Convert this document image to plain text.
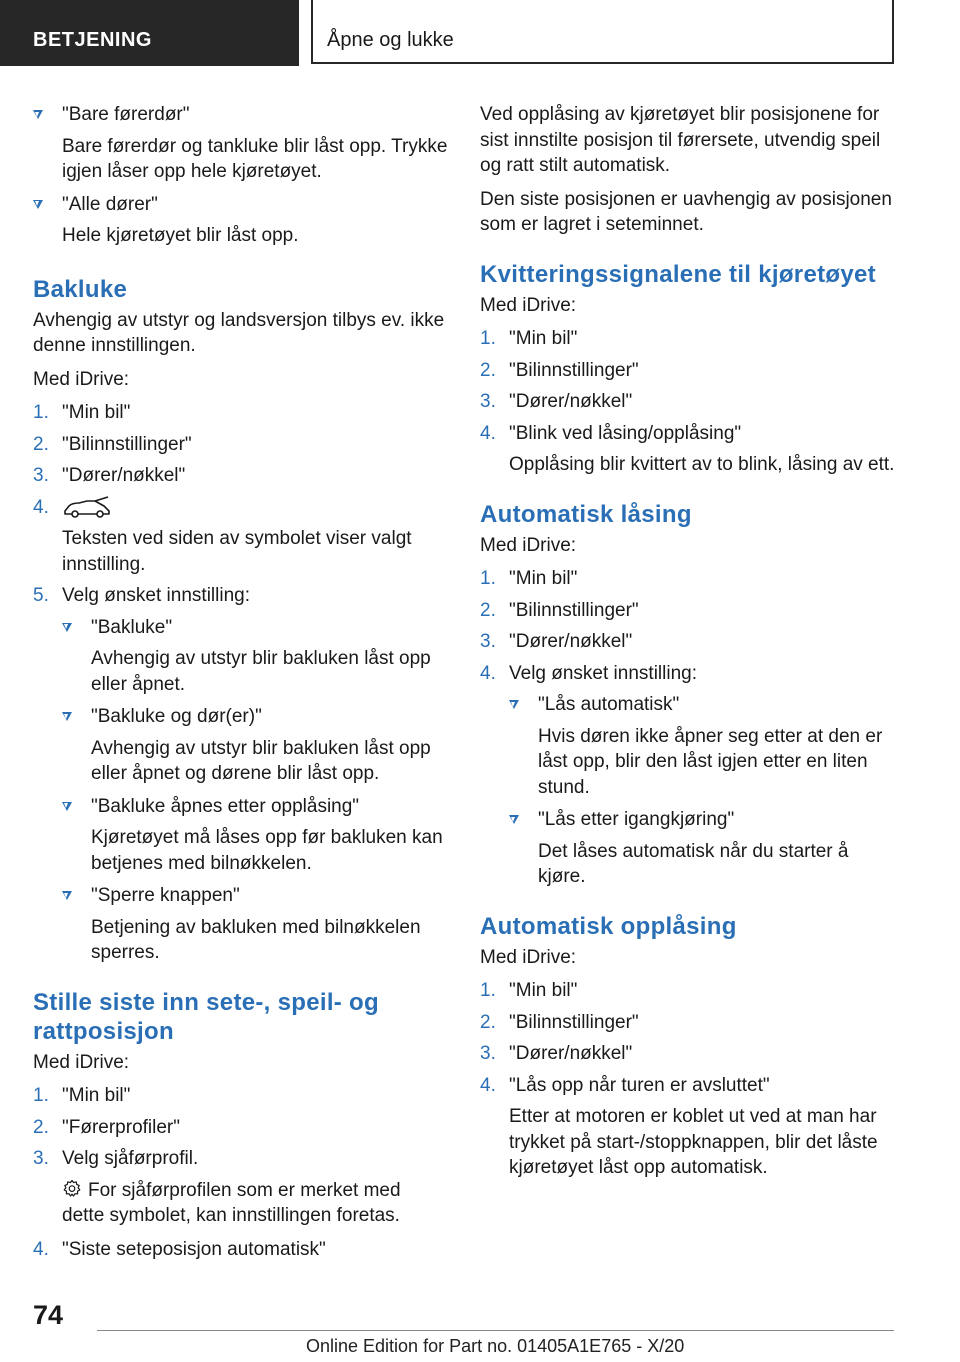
BETJENING	Åpne og lukke
"Bare førerdør"
Bare førerdør og tankluke blir låst opp. Trykke igjen låser opp hele kjøretøyet.
"Alle dører"
Hele kjøretøyet blir låst opp.
Bakluke

Avhengig av utstyr og landsversjon tilbys ev. ikke denne innstillingen.

Med iDrive:

1. "Min bil"
2. "Bilinnstillinger"
3. "Dører/nøkkel"
4.
Teksten ved siden av symbolet viser valgt innstilling.
5. Velg ønsket innstilling:
"Bakluke"
Avhengig av utstyr blir bakluken låst opp eller åpnet.
"Bakluke og dør(er)"
Avhengig av utstyr blir bakluken låst opp eller åpnet og dørene blir låst opp.
"Bakluke åpnes etter opplåsing"
Kjøretøyet må låses opp før bakluken kan betjenes med bilnøkkelen.
"Sperre knappen"
Betjening av bakluken med bilnøkkelen sperres.
Stille siste inn sete-, speil- og rattposisjon

Med iDrive:

1. "Min bil"
2. "Førerprofiler"
3. Velg sjåførprofil.
For sjåførprofilen som er merket med dette symbolet, kan innstillingen foretas.
4. "Siste seteposisjon automatisk"

Ved opplåsing av kjøretøyet blir posisjonene for sist innstilte posisjon til førersete, utvendig speil og ratt stilt automatisk.

Den siste posisjonen er uavhengig av posisjonen som er lagret i seteminnet.

Kvitteringssignalene til kjøretøyet

Med iDrive:

1. "Min bil"
2. "Bilinnstillinger"
3. "Dører/nøkkel"
4. "Blink ved låsing/opplåsing"
Opplåsing blir kvittert av to blink, låsing av ett.
Automatisk låsing

Med iDrive:

1. "Min bil"
2. "Bilinnstillinger"
3. "Dører/nøkkel"
4. Velg ønsket innstilling:
"Lås automatisk"
Hvis døren ikke åpner seg etter at den er låst opp, blir den låst igjen etter en liten stund.
"Lås etter igangkjøring"
Det låses automatisk når du starter å kjøre.
Automatisk opplåsing

Med iDrive:

1. "Min bil"
2. "Bilinnstillinger"
3. "Dører/nøkkel"
4. "Lås opp når turen er avsluttet"
Etter at motoren er koblet ut ved at man har trykket på start-/stoppknappen, blir det låste kjøretøyet låst opp automatisk.
74
Online Edition for Part no. 01405A1E765 - X/20
